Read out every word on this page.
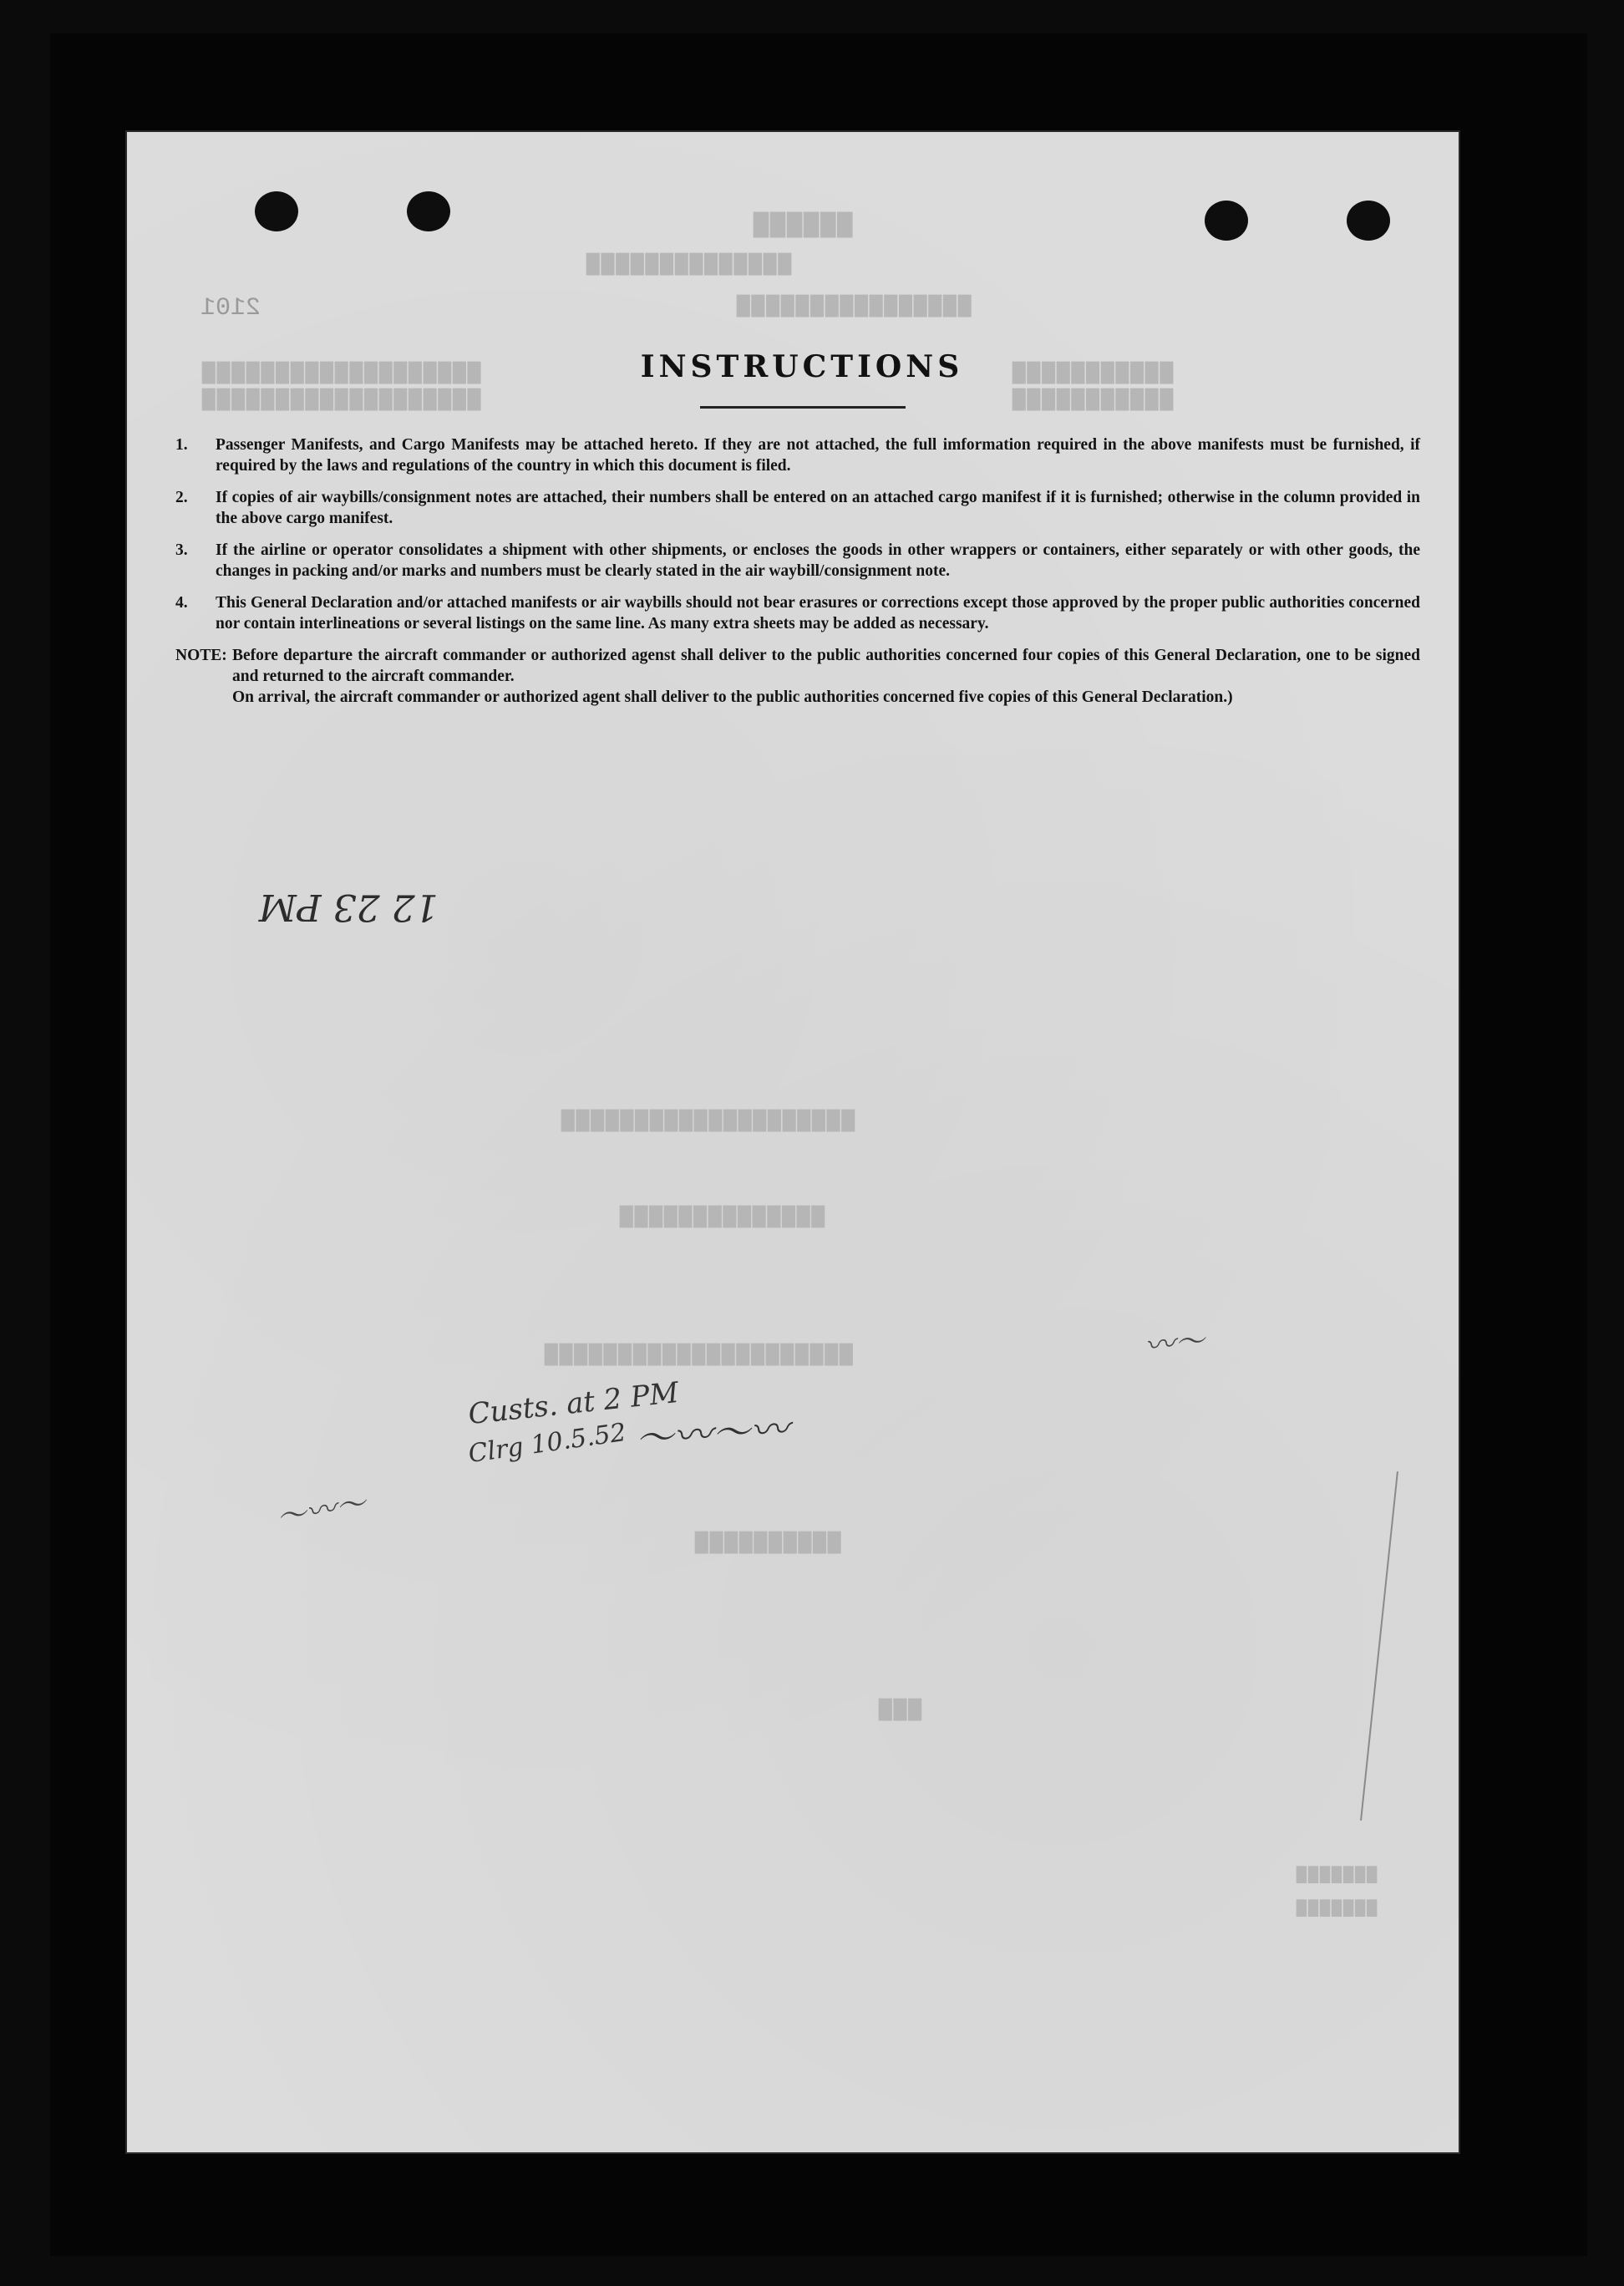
▇▇▇▇▇▇
▇▇▇▇▇▇▇▇▇▇▇▇▇▇
▇▇▇▇▇▇▇▇▇▇▇▇▇▇▇▇
▇▇▇▇▇▇▇▇▇▇▇▇▇▇▇▇▇▇▇
▇▇▇▇▇▇▇▇▇▇▇▇▇▇▇▇▇▇▇
▇▇▇▇▇▇▇▇▇▇▇
▇▇▇▇▇▇▇▇▇▇▇
▇▇▇▇▇▇▇▇▇▇▇▇▇▇▇▇▇▇▇▇
▇▇▇▇▇▇▇▇▇▇▇▇▇▇
▇▇▇▇▇▇▇▇▇▇▇▇▇▇▇▇▇▇▇▇▇
▇▇▇▇▇▇▇▇▇▇
▇▇▇
▇▇▇▇▇▇▇
▇▇▇▇▇▇▇
INSTRUCTIONS
1.	Passenger Manifests, and Cargo Manifests may be attached hereto. If they are not attached, the full imformation required in the above manifests must be furnished, if required by the laws and regulations of the country in which this document is filed.
2.	If copies of air waybills/consignment notes are attached, their numbers shall be entered on an attached cargo manifest if it is furnished; otherwise in the column provided in the above cargo manifest.
3.	If the airline or operator consolidates a shipment with other shipments, or encloses the goods in other wrappers or containers, either separately or with other goods, the changes in packing and/or marks and numbers must be clearly stated in the air waybill/consignment note.
4.	This General Declaration and/or attached manifests or air waybills should not bear erasures or corrections except those approved by the proper public authorities concerned nor contain interlineations or several listings on the same line. As many extra sheets may be added as necessary.
NOTE: Before departure the aircraft commander or authorized agenst shall deliver to the public authorities concerned four copies of this General Declaration, one to be signed and returned to the aircraft commander.

On arrival, the aircraft commander or authorized agent shall deliver to the public authorities concerned five copies of this General Declaration.)

12 23 PM
2101
Custs. at 2 PM
Clrg 10.5.52 〜〰〜〰
〰〜
〜〰〜
